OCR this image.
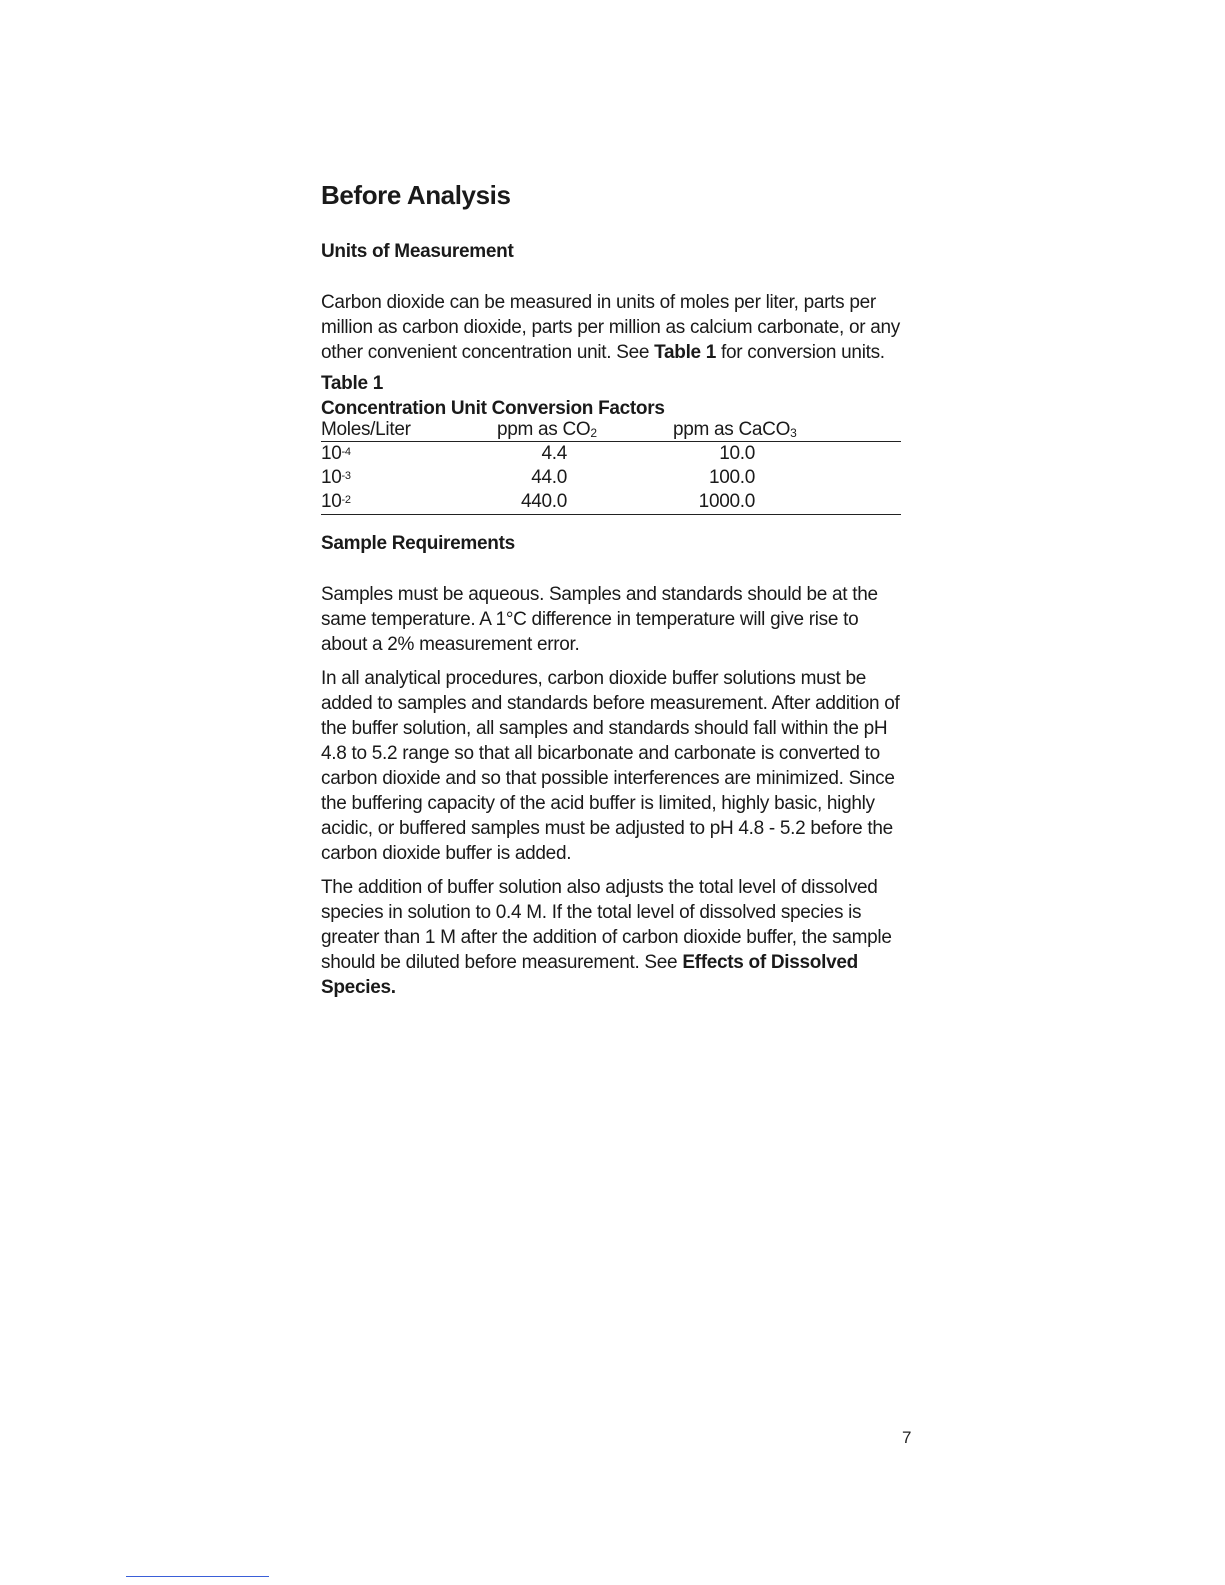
Before Analysis
Units of Measurement

Carbon dioxide can be measured in units of moles per liter, parts per million as carbon dioxide, parts per million as calcium carbonate, or any other convenient concentration unit. See Table 1 for conversion units.

Table 1
Concentration Unit Conversion Factors
Moles/Liter	ppm as $CO_2$	ppm as CaCO$_3$
$10^{-4}$	4.4	10.0
$10^{-3}$	44.0	100.0
$10^{-2}$	440.0	1000.0
Sample Requirements

Samples must be aqueous. Samples and standards should be at the same temperature. A 1°C difference in temperature will give rise to about a 2% measurement error.

In all analytical procedures, carbon dioxide buffer solutions must be added to samples and standards before measurement. After addition of the buffer solution, all samples and standards should fall within the pH 4.8 to 5.2 range so that all bicarbonate and carbonate is converted to carbon dioxide and so that possible interferences are minimized. Since the buffering capacity of the acid buffer is limited, highly basic, highly acidic, or buffered samples must be adjusted to pH 4.8 - 5.2 before the carbon dioxide buffer is added.

The addition of buffer solution also adjusts the total level of dissolved species in solution to 0.4 M. If the total level of dissolved species is greater than 1 M after the addition of carbon dioxide buffer, the sample should be diluted before measurement. See Effects of Dissolved Species.

7
